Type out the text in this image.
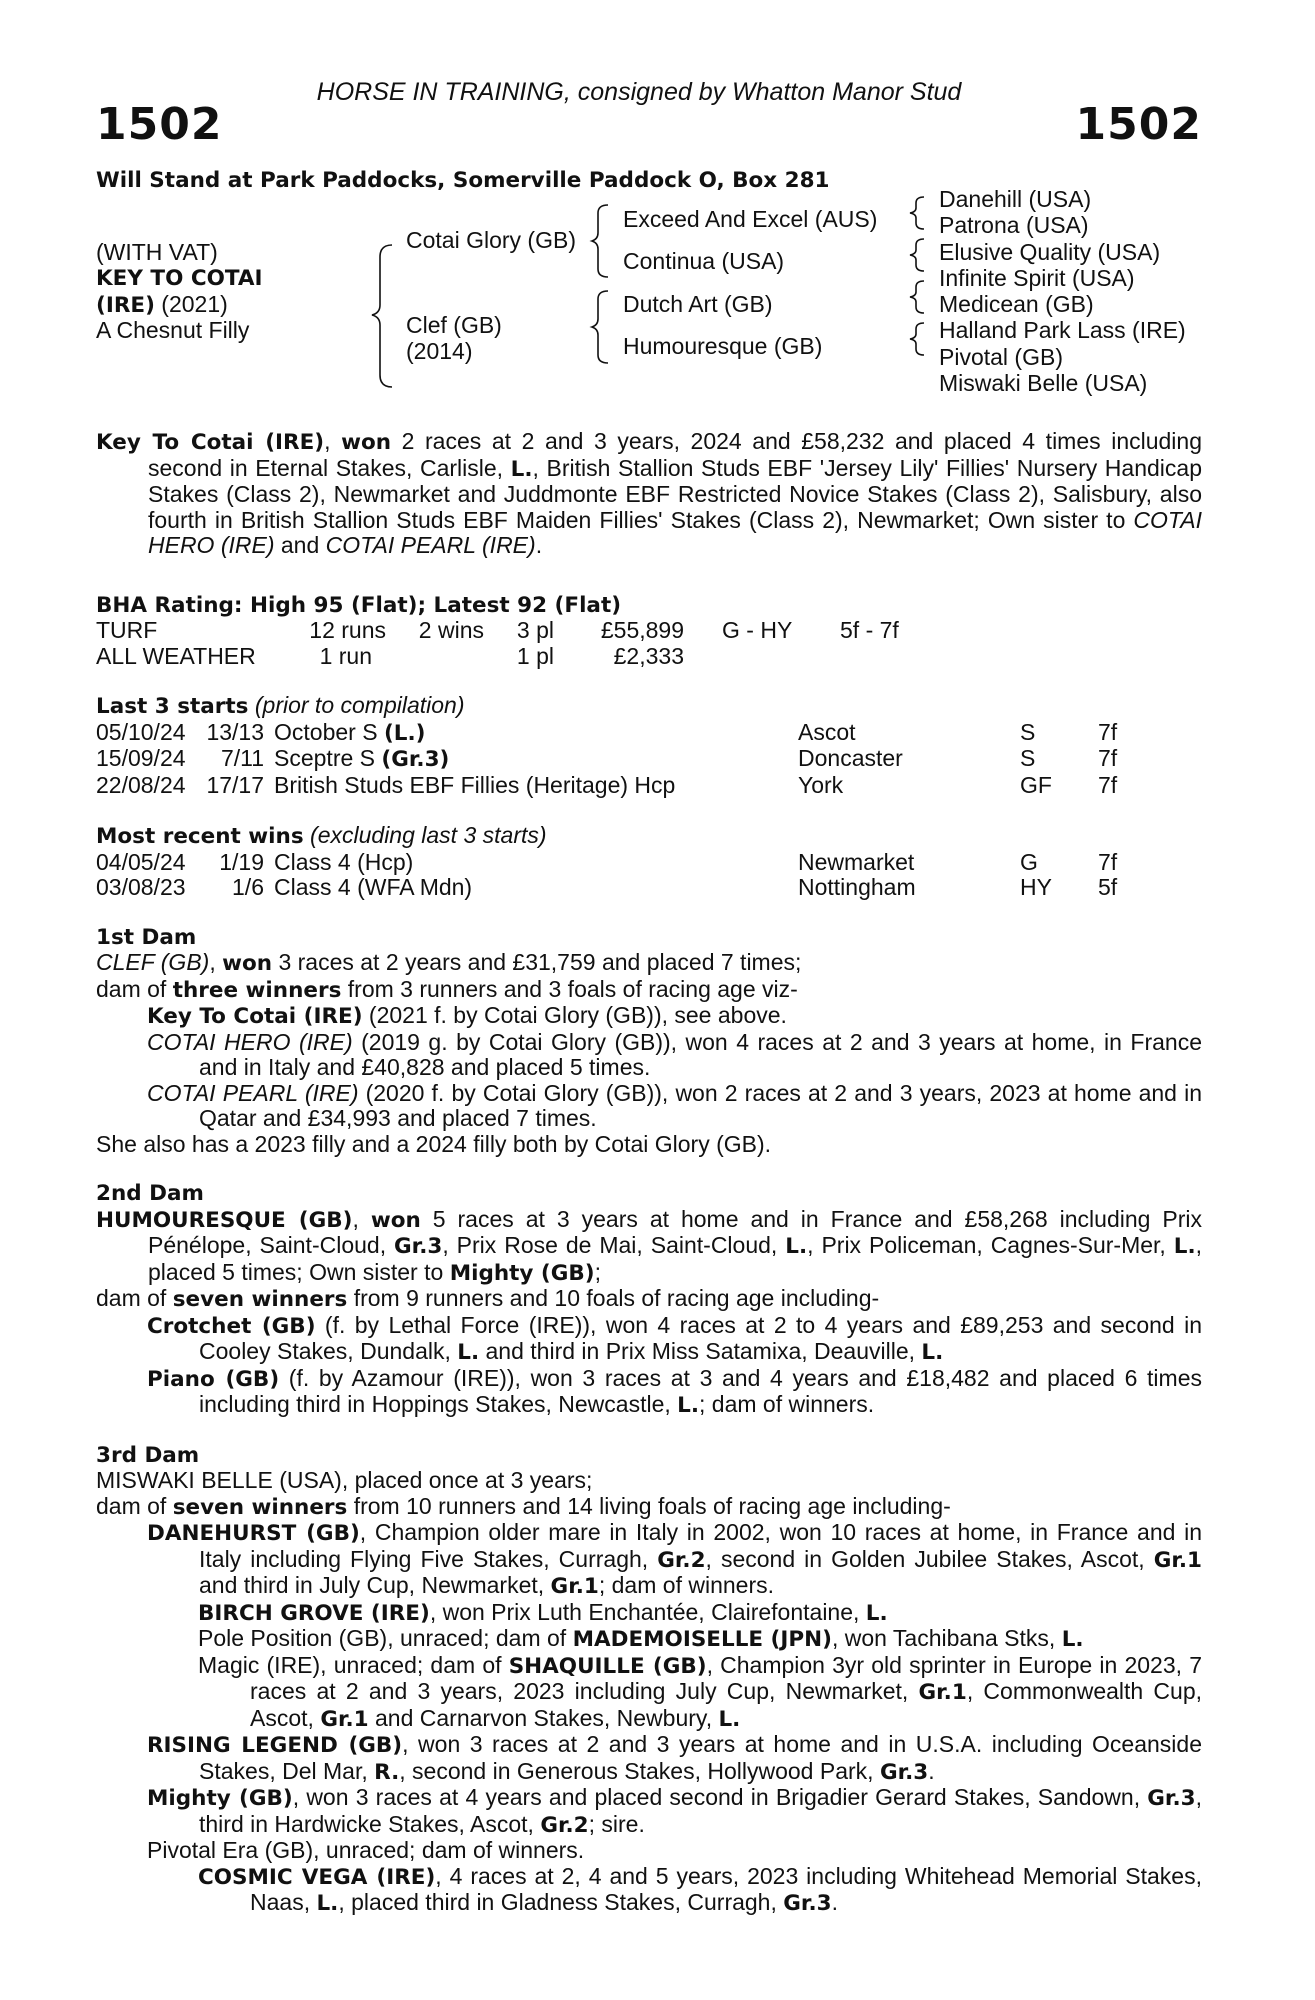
HORSE IN TRAINING, consigned by Whatton Manor Stud
1502	1502
Will Stand at Park Paddocks, Somerville Paddock O, Box 281
(WITH VAT)
KEY TO COTAI
(IRE) (2021)
A Chesnut Filly
Cotai Glory (GB)
Clef (GB)
(2014)
Exceed And Excel (AUS)
Continua (USA)
Dutch Art (GB)
Humouresque (GB)
Danehill (USA)
Patrona (USA)
Elusive Quality (USA)
Infinite Spirit (USA)
Medicean (GB)
Halland Park Lass (IRE)
Pivotal (GB)
Miswaki Belle (USA)
Key To Cotai (IRE), won 2 races at 2 and 3 years, 2024 and £58,232 and placed 4 times including second in Eternal Stakes, Carlisle, L., British Stallion Studs EBF 'Jersey Lily' Fillies' Nursery Handicap Stakes (Class 2), Newmarket and Juddmonte EBF Restricted Novice Stakes (Class 2), Salisbury, also fourth in British Stallion Studs EBF Maiden Fillies' Stakes (Class 2), Newmarket; Own sister to COTAI HERO (IRE) and COTAI PEARL (IRE).
BHA Rating: High 95 (Flat); Latest 92 (Flat)
TURF	12 runs	2 wins	3 pl	£55,899	G - HY	5f - 7f
ALL WEATHER	1 run		1 pl	£2,333		
Last 3 starts (prior to compilation)
05/10/24	13/13	October S (L.)	Ascot	S	7f
15/09/24	7/11	Sceptre S (Gr.3)	Doncaster	S	7f
22/08/24	17/17	British Studs EBF Fillies (Heritage) Hcp	York	GF	7f
Most recent wins (excluding last 3 starts)
04/05/24	1/19	Class 4 (Hcp)	Newmarket	G	7f
03/08/23	1/6	Class 4 (WFA Mdn)	Nottingham	HY	5f
1st Dam
CLEF (GB), won 3 races at 2 years and £31,759 and placed 7 times;
dam of three winners from 3 runners and 3 foals of racing age viz-
Key To Cotai (IRE) (2021 f. by Cotai Glory (GB)), see above.
COTAI HERO (IRE) (2019 g. by Cotai Glory (GB)), won 4 races at 2 and 3 years at home, in France and in Italy and £40,828 and placed 5 times.
COTAI PEARL (IRE) (2020 f. by Cotai Glory (GB)), won 2 races at 2 and 3 years, 2023 at home and in Qatar and £34,993 and placed 7 times.
She also has a 2023 filly and a 2024 filly both by Cotai Glory (GB).
2nd Dam
HUMOURESQUE (GB), won 5 races at 3 years at home and in France and £58,268 including Prix Pénélope, Saint-Cloud, Gr.3, Prix Rose de Mai, Saint-Cloud, L., Prix Policeman, Cagnes-Sur-Mer, L., placed 5 times; Own sister to Mighty (GB);
dam of seven winners from 9 runners and 10 foals of racing age including-
Crotchet (GB) (f. by Lethal Force (IRE)), won 4 races at 2 to 4 years and £89,253 and second in Cooley Stakes, Dundalk, L. and third in Prix Miss Satamixa, Deauville, L.
Piano (GB) (f. by Azamour (IRE)), won 3 races at 3 and 4 years and £18,482 and placed 6 times including third in Hoppings Stakes, Newcastle, L.; dam of winners.
3rd Dam
MISWAKI BELLE (USA), placed once at 3 years;
dam of seven winners from 10 runners and 14 living foals of racing age including-
DANEHURST (GB), Champion older mare in Italy in 2002, won 10 races at home, in France and in Italy including Flying Five Stakes, Curragh, Gr.2, second in Golden Jubilee Stakes, Ascot, Gr.1 and third in July Cup, Newmarket, Gr.1; dam of winners.
BIRCH GROVE (IRE), won Prix Luth Enchantée, Clairefontaine, L.
Pole Position (GB), unraced; dam of MADEMOISELLE (JPN), won Tachibana Stks, L.
Magic (IRE), unraced; dam of SHAQUILLE (GB), Champion 3yr old sprinter in Europe in 2023, 7 races at 2 and 3 years, 2023 including July Cup, Newmarket, Gr.1, Commonwealth Cup, Ascot, Gr.1 and Carnarvon Stakes, Newbury, L.
RISING LEGEND (GB), won 3 races at 2 and 3 years at home and in U.S.A. including Oceanside Stakes, Del Mar, R., second in Generous Stakes, Hollywood Park, Gr.3.
Mighty (GB), won 3 races at 4 years and placed second in Brigadier Gerard Stakes, Sandown, Gr.3, third in Hardwicke Stakes, Ascot, Gr.2; sire.
Pivotal Era (GB), unraced; dam of winners.
COSMIC VEGA (IRE), 4 races at 2, 4 and 5 years, 2023 including Whitehead Memorial Stakes, Naas, L., placed third in Gladness Stakes, Curragh, Gr.3.
